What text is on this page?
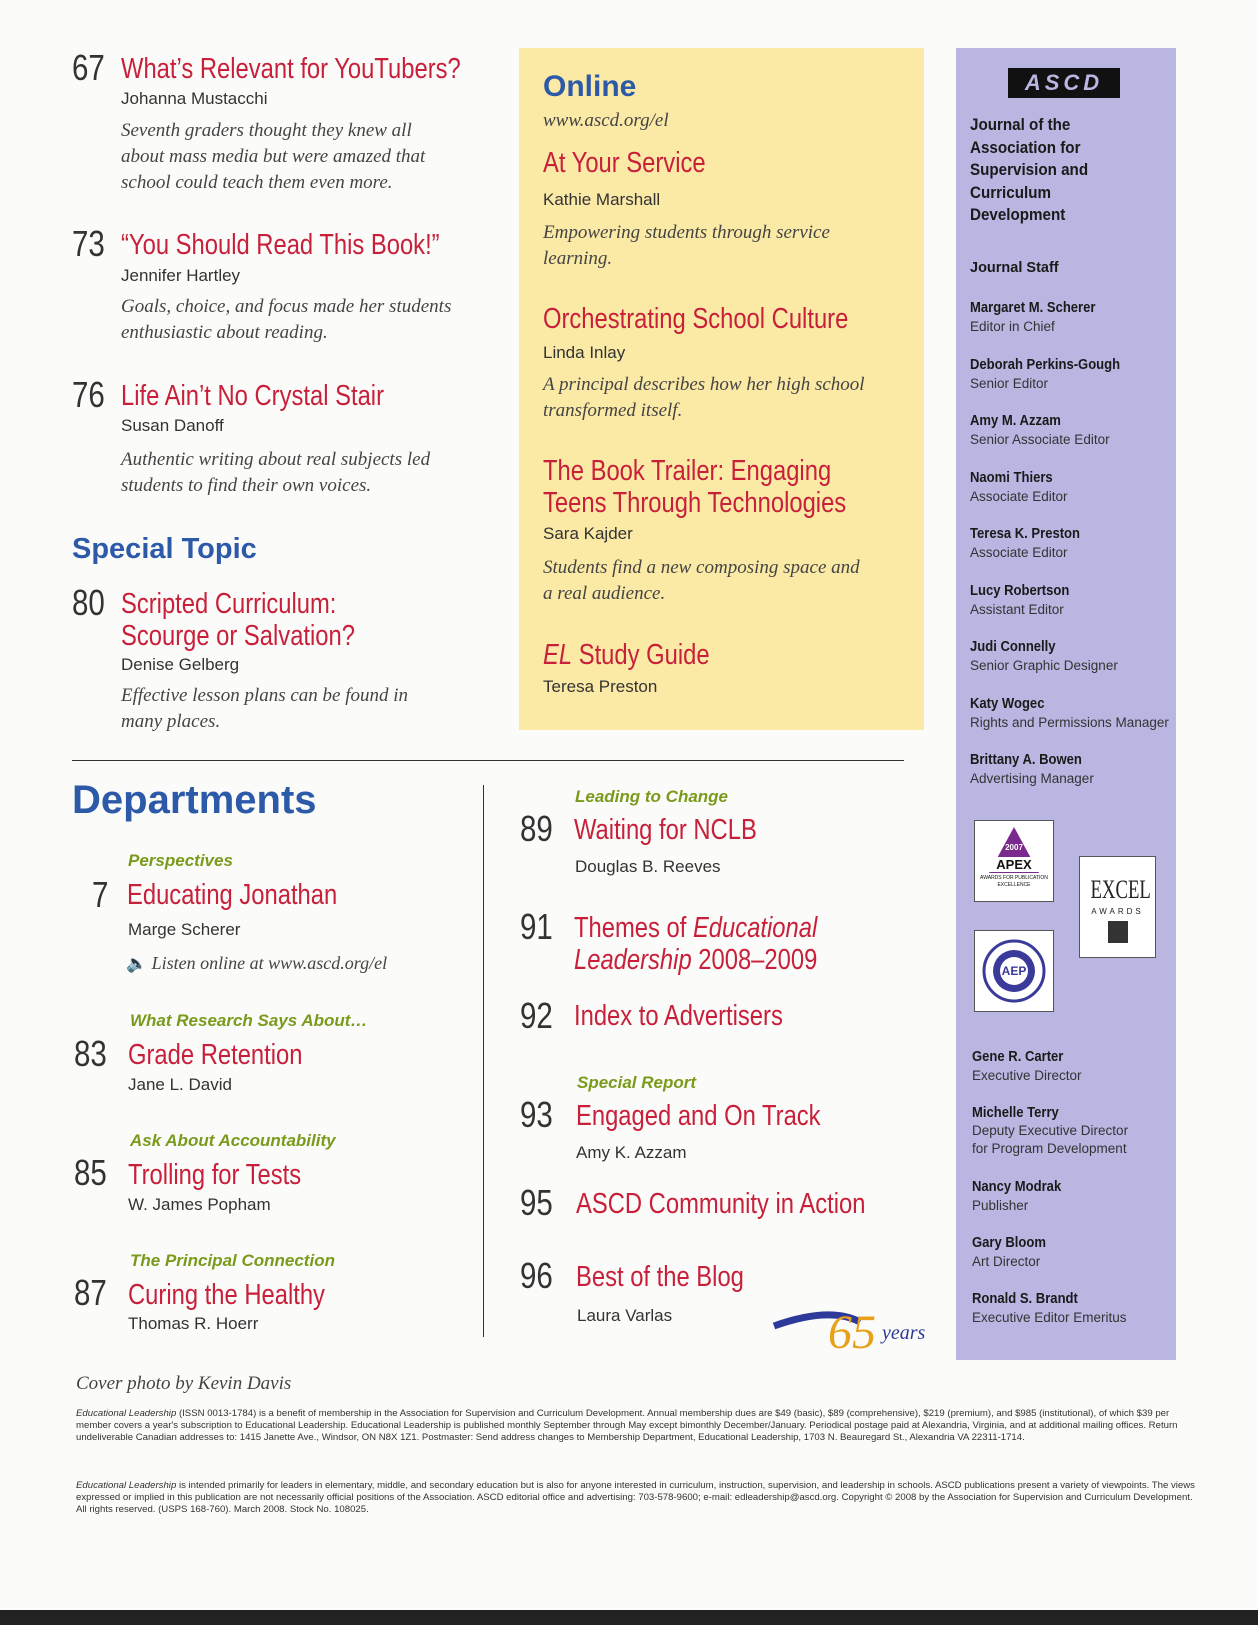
67 What’s Relevant for YouTubers?
Johanna Mustacchi
Seventh graders thought they knew all about mass media but were amazed that school could teach them even more.
73 “You Should Read This Book!”
Jennifer Hartley
Goals, choice, and focus made her students enthusiastic about reading.
76 Life Ain’t No Crystal Stair
Susan Danoff
Authentic writing about real subjects led students to find their own voices.
Special Topic
80 Scripted Curriculum:
Scourge or Salvation?
Denise Gelberg
Effective lesson plans can be found in many places.
Online
www.ascd.org/el
At Your Service
Kathie Marshall
Empowering students through service learning.
Orchestrating School Culture
Linda Inlay
A principal describes how her high school transformed itself.
The Book Trailer: Engaging
Teens Through Technologies
Sara Kajder
Students find a new composing space and a real audience.
EL Study Guide
Teresa Preston
ASCD
Journal of the Association for Supervision and Curriculum Development
Journal Staff
Margaret M. Scherer
Editor in Chief
Deborah Perkins-Gough
Senior Editor
Amy M. Azzam
Senior Associate Editor
Naomi Thiers
Associate Editor
Teresa K. Preston
Associate Editor
Lucy Robertson
Assistant Editor
Judi Connelly
Senior Graphic Designer
Katy Wogec
Rights and Permissions Manager
Brittany A. Bowen
Advertising Manager
2007
APEX
AWARDS FOR PUBLICATION EXCELLENCE	EXCEL
AWARDS
AEP
Gene R. Carter
Executive Director
Michelle Terry
Deputy Executive Director for Program Development
Nancy Modrak
Publisher
Gary Bloom
Art Director
Ronald S. Brandt
Executive Editor Emeritus
Departments
Perspectives
7 Educating Jonathan
Marge Scherer
🔈 Listen online at www.ascd.org/el
What Research Says About…
83 Grade Retention
Jane L. David
Ask About Accountability
85 Trolling for Tests
W. James Popham
The Principal Connection
87 Curing the Healthy
Thomas R. Hoerr
Leading to Change
89 Waiting for NCLB
Douglas B. Reeves
91 Themes of Educational
Leadership 2008–2009
92 Index to Advertisers
Special Report
93 Engaged and On Track
Amy K. Azzam
95 ASCD Community in Action
96 Best of the Blog
Laura Varlas	65 years
Cover photo by Kevin Davis
Educational Leadership (ISSN 0013-1784) is a benefit of membership in the Association for Supervision and Curriculum Development. Annual membership dues are $49 (basic), $89 (comprehensive), $219 (premium), and $985 (institutional), of which $39 per member covers a year's subscription to Educational Leadership. Educational Leadership is published monthly September through May except bimonthly December/January. Periodical postage paid at Alexandria, Virginia, and at additional mailing offices. Return undeliverable Canadian addresses to: 1415 Janette Ave., Windsor, ON N8X 1Z1. Postmaster: Send address changes to Membership Department, Educational Leadership, 1703 N. Beauregard St., Alexandria VA 22311-1714.
Educational Leadership is intended primarily for leaders in elementary, middle, and secondary education but is also for anyone interested in curriculum, instruction, supervision, and leadership in schools. ASCD publications present a variety of viewpoints. The views expressed or implied in this publication are not necessarily official positions of the Association. ASCD editorial office and advertising: 703-578-9600; e-mail: edleadership@ascd.org. Copyright © 2008 by the Association for Supervision and Curriculum Development. All rights reserved. (USPS 168-760). March 2008. Stock No. 108025.
